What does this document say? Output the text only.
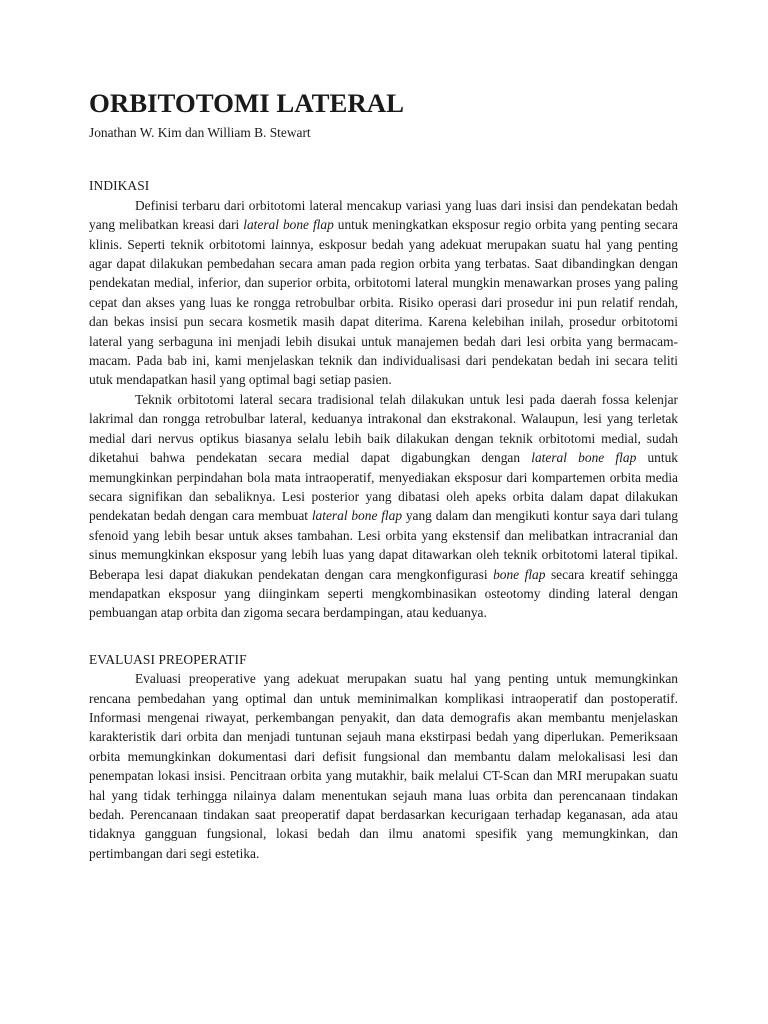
ORBITOTOMI LATERAL
Jonathan W. Kim dan William B. Stewart
INDIKASI

Definisi terbaru dari orbitotomi lateral mencakup variasi yang luas dari insisi dan pendekatan bedah yang melibatkan kreasi dari lateral bone flap untuk meningkatkan eksposur regio orbita yang penting secara klinis. Seperti teknik orbitotomi lainnya, eskposur bedah yang adekuat merupakan suatu hal yang penting agar dapat dilakukan pembedahan secara aman pada region orbita yang terbatas. Saat dibandingkan dengan pendekatan medial, inferior, dan superior orbita, orbitotomi lateral mungkin menawarkan proses yang paling cepat dan akses yang luas ke rongga retrobulbar orbita. Risiko operasi dari prosedur ini pun relatif rendah, dan bekas insisi pun secara kosmetik masih dapat diterima. Karena kelebihan inilah, prosedur orbitotomi lateral yang serbaguna ini menjadi lebih disukai untuk manajemen bedah dari lesi orbita yang bermacam-macam. Pada bab ini, kami menjelaskan teknik dan individualisasi dari pendekatan bedah ini secara teliti utuk mendapatkan hasil yang optimal bagi setiap pasien.

Teknik orbitotomi lateral secara tradisional telah dilakukan untuk lesi pada daerah fossa kelenjar lakrimal dan rongga retrobulbar lateral, keduanya intrakonal dan ekstrakonal. Walaupun, lesi yang terletak medial dari nervus optikus biasanya selalu lebih baik dilakukan dengan teknik orbitotomi medial, sudah diketahui bahwa pendekatan secara medial dapat digabungkan dengan lateral bone flap untuk memungkinkan perpindahan bola mata intraoperatif, menyediakan eksposur dari kompartemen orbita media secara signifikan dan sebaliknya. Lesi posterior yang dibatasi oleh apeks orbita dalam dapat dilakukan pendekatan bedah dengan cara membuat lateral bone flap yang dalam dan mengikuti kontur saya dari tulang sfenoid yang lebih besar untuk akses tambahan. Lesi orbita yang ekstensif dan melibatkan intracranial dan sinus memungkinkan eksposur yang lebih luas yang dapat ditawarkan oleh teknik orbitotomi lateral tipikal. Beberapa lesi dapat diakukan pendekatan dengan cara mengkonfigurasi bone flap secara kreatif sehingga mendapatkan eksposur yang diinginkam seperti mengkombinasikan osteotomy dinding lateral dengan pembuangan atap orbita dan zigoma secara berdampingan, atau keduanya.

EVALUASI PREOPERATIF

Evaluasi preoperative yang adekuat merupakan suatu hal yang penting untuk memungkinkan rencana pembedahan yang optimal dan untuk meminimalkan komplikasi intraoperatif dan postoperatif. Informasi mengenai riwayat, perkembangan penyakit, dan data demografis akan membantu menjelaskan karakteristik dari orbita dan menjadi tuntunan sejauh mana ekstirpasi bedah yang diperlukan. Pemeriksaan orbita memungkinkan dokumentasi dari defisit fungsional dan membantu dalam melokalisasi lesi dan penempatan lokasi insisi. Pencitraan orbita yang mutakhir, baik melalui CT-Scan dan MRI merupakan suatu hal yang tidak terhingga nilainya dalam menentukan sejauh mana luas orbita dan perencanaan tindakan bedah. Perencanaan tindakan saat preoperatif dapat berdasarkan kecurigaan terhadap keganasan, ada atau tidaknya gangguan fungsional, lokasi bedah dan ilmu anatomi spesifik yang memungkinkan, dan pertimbangan dari segi estetika.
